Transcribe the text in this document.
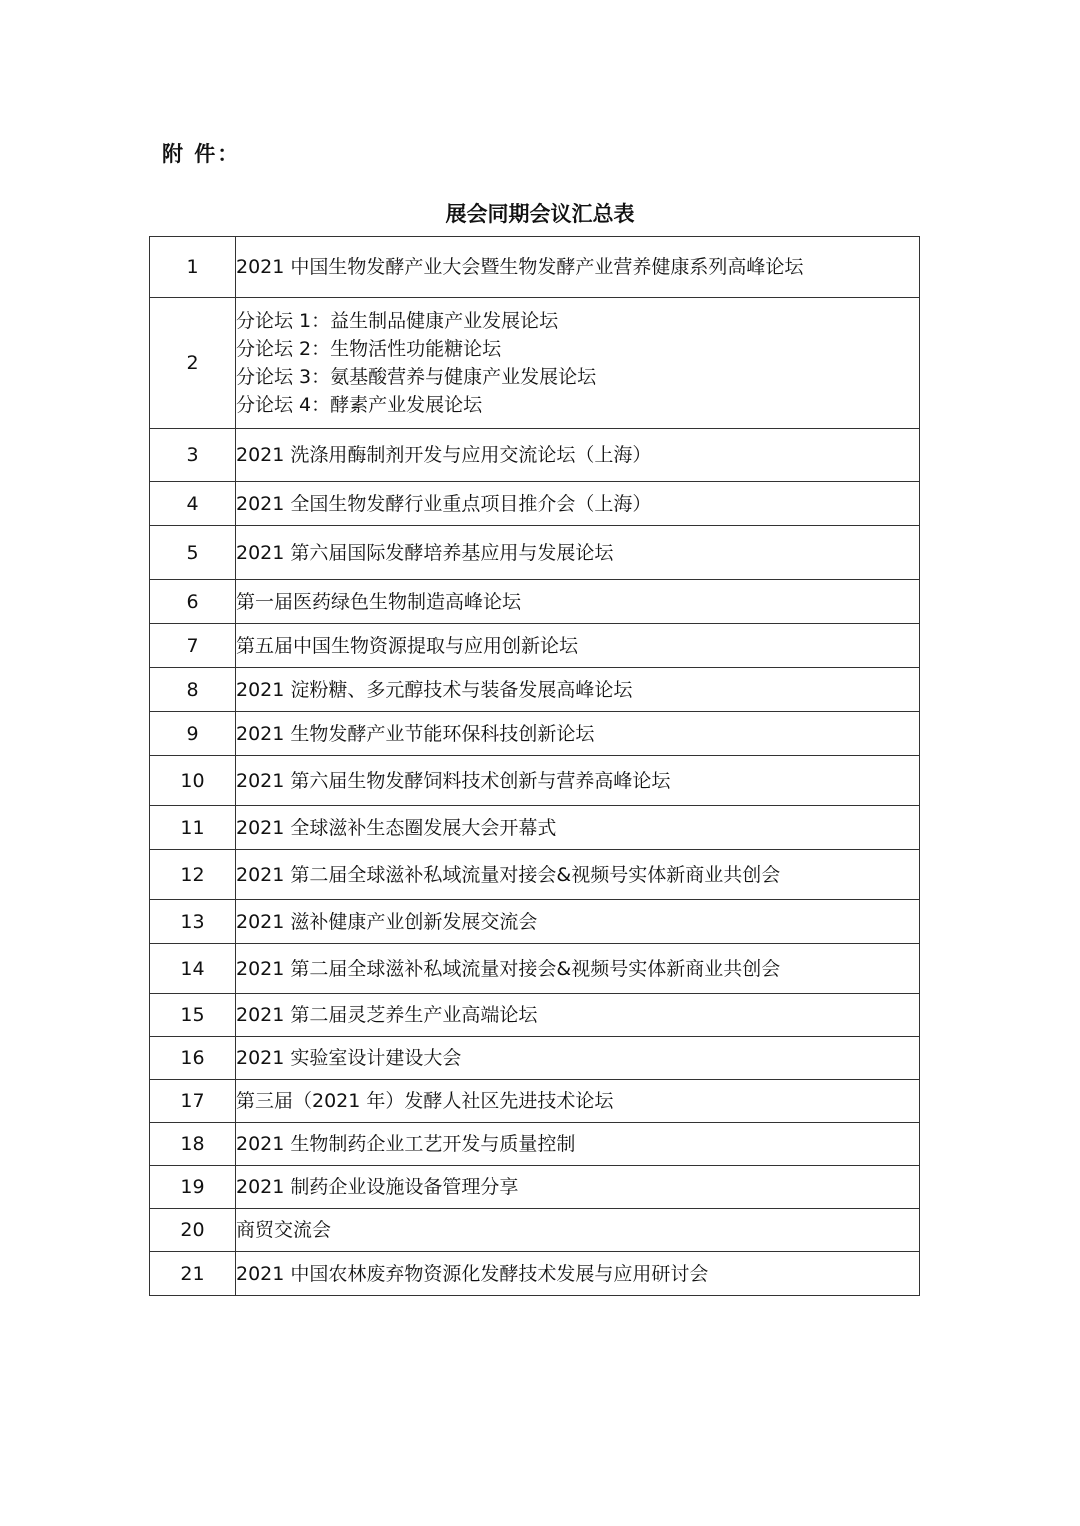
附 件：
展会同期会议汇总表
1	2021 中国生物发酵产业大会暨生物发酵产业营养健康系列高峰论坛

2	分论坛 1：益生制品健康产业发展论坛
分论坛 2：生物活性功能糖论坛
分论坛 3：氨基酸营养与健康产业发展论坛
分论坛 4：酵素产业发展论坛

3	2021 洗涤用酶制剂开发与应用交流论坛（上海）

4	2021 全国生物发酵行业重点项目推介会（上海）

5	2021 第六届国际发酵培养基应用与发展论坛

6	第一届医药绿色生物制造高峰论坛

7	第五届中国生物资源提取与应用创新论坛

8	2021 淀粉糖、多元醇技术与装备发展高峰论坛

9	2021 生物发酵产业节能环保科技创新论坛

10	2021 第六届生物发酵饲料技术创新与营养高峰论坛

11	2021 全球滋补生态圈发展大会开幕式

12	2021 第二届全球滋补私域流量对接会&视频号实体新商业共创会

13	2021 滋补健康产业创新发展交流会

14	2021 第二届全球滋补私域流量对接会&视频号实体新商业共创会

15	2021 第二届灵芝养生产业高端论坛

16	2021 实验室设计建设大会

17	第三届（2021 年）发酵人社区先进技术论坛

18	2021 生物制药企业工艺开发与质量控制

19	2021 制药企业设施设备管理分享

20	商贸交流会

21	2021 中国农林废弃物资源化发酵技术发展与应用研讨会
